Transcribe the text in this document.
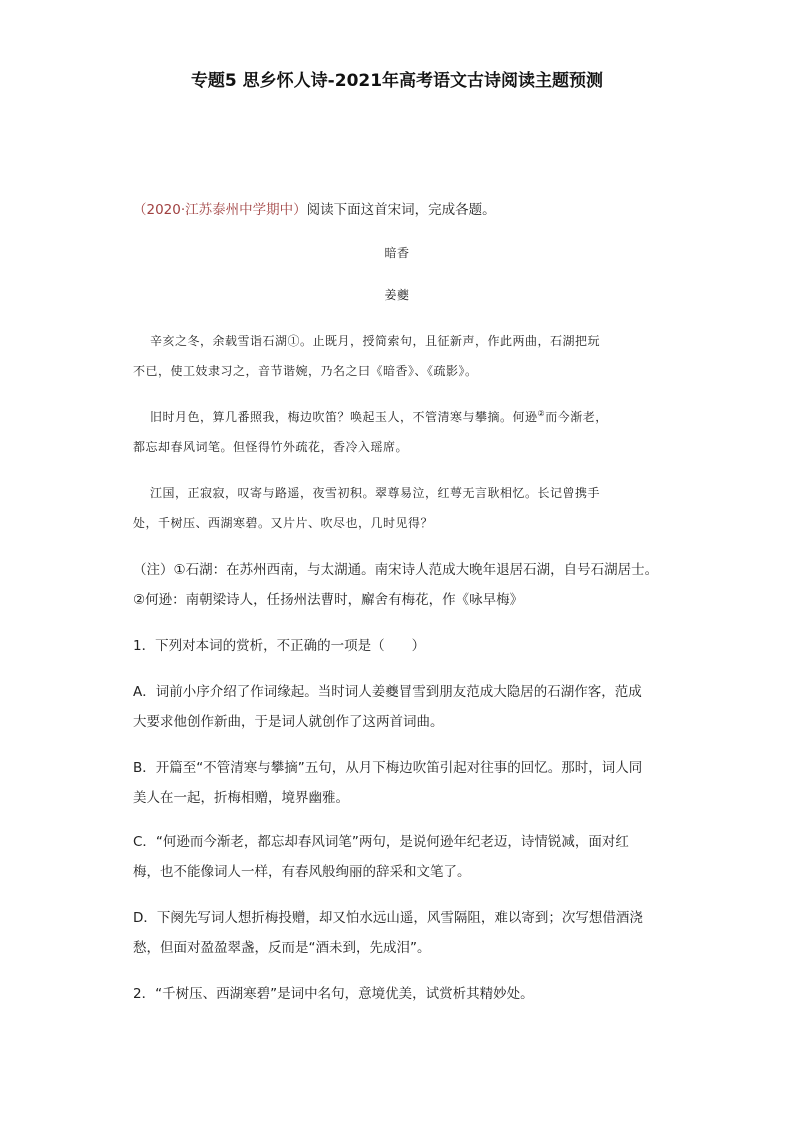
专题5 思乡怀人诗-2021年高考语文古诗阅读主题预测
（2020·江苏泰州中学期中）阅读下面这首宋词，完成各题。
暗香
姜夔
辛亥之冬，余载雪诣石湖①。止既月，授简索句，且征新声，作此两曲，石湖把玩
不已，使工妓隶习之，音节谐婉，乃名之曰《暗香》、《疏影》。
旧时月色，算几番照我，梅边吹笛？唤起玉人，不管清寒与攀摘。何逊②而今渐老，
都忘却春风词笔。但怪得竹外疏花，香冷入瑶席。
江国，正寂寂，叹寄与路遥，夜雪初积。翠尊易泣，红萼无言耿相忆。长记曾携手
处，千树压、西湖寒碧。又片片、吹尽也，几时见得？
（注）①石湖：在苏州西南，与太湖通。南宋诗人范成大晚年退居石湖，自号石湖居士。
②何逊：南朝梁诗人，任扬州法曹时，廨舍有梅花，作《咏早梅》
1．下列对本词的赏析，不正确的一项是（　　）
A．词前小序介绍了作词缘起。当时词人姜夔冒雪到朋友范成大隐居的石湖作客，范成
大要求他创作新曲，于是词人就创作了这两首词曲。
B．开篇至“不管清寒与攀摘”五句，从月下梅边吹笛引起对往事的回忆。那时，词人同
美人在一起，折梅相赠，境界幽雅。
C．“何逊而今渐老，都忘却春风词笔”两句，是说何逊年纪老迈，诗情锐减，面对红
梅，也不能像词人一样，有春风般绚丽的辞采和文笔了。
D．下阕先写词人想折梅投赠，却又怕水远山遥，风雪隔阻，难以寄到；次写想借酒浇
愁，但面对盈盈翠盏，反而是“酒未到，先成泪”。
2．“千树压、西湖寒碧”是词中名句，意境优美，试赏析其精妙处。
